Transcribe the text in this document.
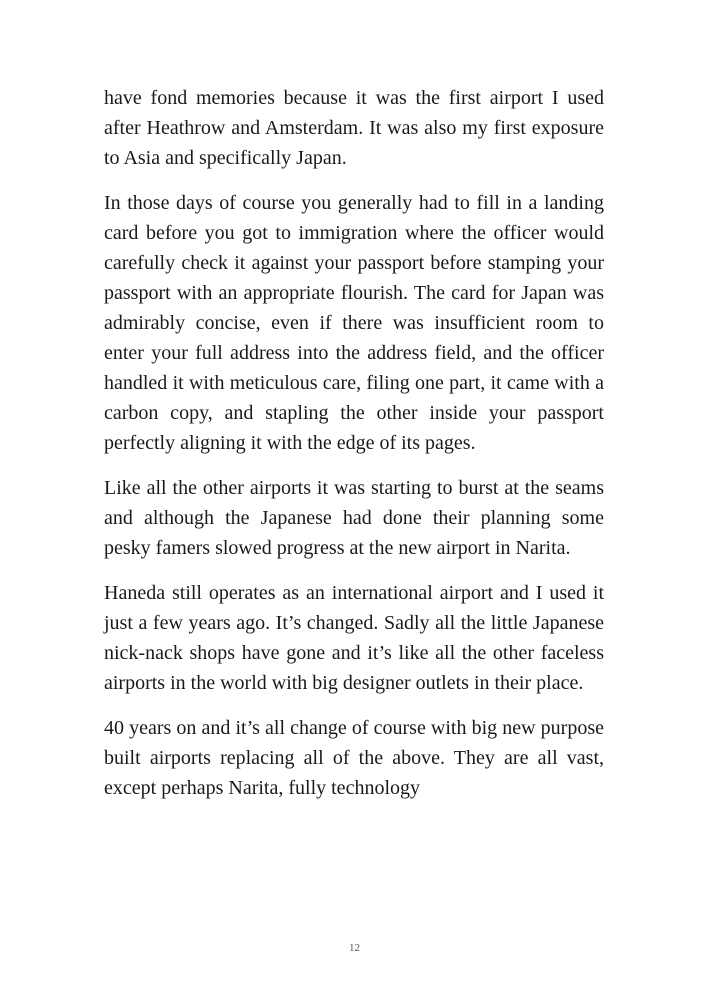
have fond memories because it was the first airport I used after Heathrow and Amsterdam. It was also my first exposure to Asia and specifically Japan.

In those days of course you generally had to fill in a landing card before you got to immigration where the officer would carefully check it against your passport before stamping your passport with an appropriate flourish. The card for Japan was admirably concise, even if there was insufficient room to enter your full address into the address field, and the officer handled it with meticulous care, filing one part, it came with a carbon copy, and stapling the other inside your passport perfectly aligning it with the edge of its pages.

Like all the other airports it was starting to burst at the seams and although the Japanese had done their planning some pesky famers slowed progress at the new airport in Narita.

Haneda still operates as an international airport and I used it just a few years ago. It’s changed. Sadly all the little Japanese nick-nack shops have gone and it’s like all the other faceless airports in the world with big designer outlets in their place.

40 years on and it’s all change of course with big new purpose built airports replacing all of the above. They are all vast, except perhaps Narita, fully technology

12
